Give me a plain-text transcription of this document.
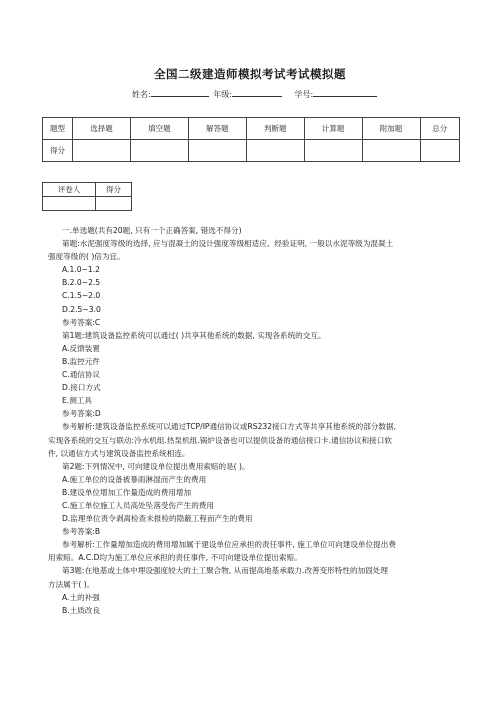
全国二级建造师模拟考试考试模拟题
姓名:	年级:	学号:
题型	选择题	填空题	解答题	判断题	计算题	附加题	总分
得分							
评卷人	得分

一.单选题(共有20题, 只有一个正确答案, 错选不得分)

第题:水泥强度等级的选择, 应与混凝土的设计强度等级相适应。经验证明, 一般以水泥等级为混凝土

强度等级的( )倍为宜。

A.1.0~1.2

B.2.0~2.5

C.1.5~2.0

D.2.5~3.0

参考答案:C

第1题:建筑设备监控系统可以通过( )共享其他系统的数据, 实现各系统的交互。

A.反馈装置

B.监控元件

C.通信协议

D.接口方式

E.测工具

参考答案:D

参考解析:建筑设备监控系统可以通过TCP/IP通信协议或RS232接口方式等共享其他系统的部分数据,

实现各系统的交互与联动:冷水机组.热泵机组.锅炉设备也可以提供设备的通信接口卡.通信协议和接口软

件, 以通信方式与建筑设备监控系统相连。

第2题:下列情况中, 可向建设单位提出费用索赔的是( )。

A.施工单位的设备被暴雨淋湿而产生的费用

B.建设单位增加工作量造成的费用增加

C.施工单位施工人员高处坠落受伤产生的费用

D.监理单位责令剥离检查未报检的隐蔽工程而产生的费用

参考答案:B

参考解析:工作量增加造成的费用增加属于建设单位应承担的责任事件, 施工单位可向建设单位提出费

用索赔。A.C.D均为施工单位应承担的责任事件, 不可向建设单位提出索赔。

第3题:在地基或土体中埋设强度较大的土工聚合物, 从而提高地基承载力.改善变形特性的加固处理

方法属于( )。

A.土的补强

B.土质改良
